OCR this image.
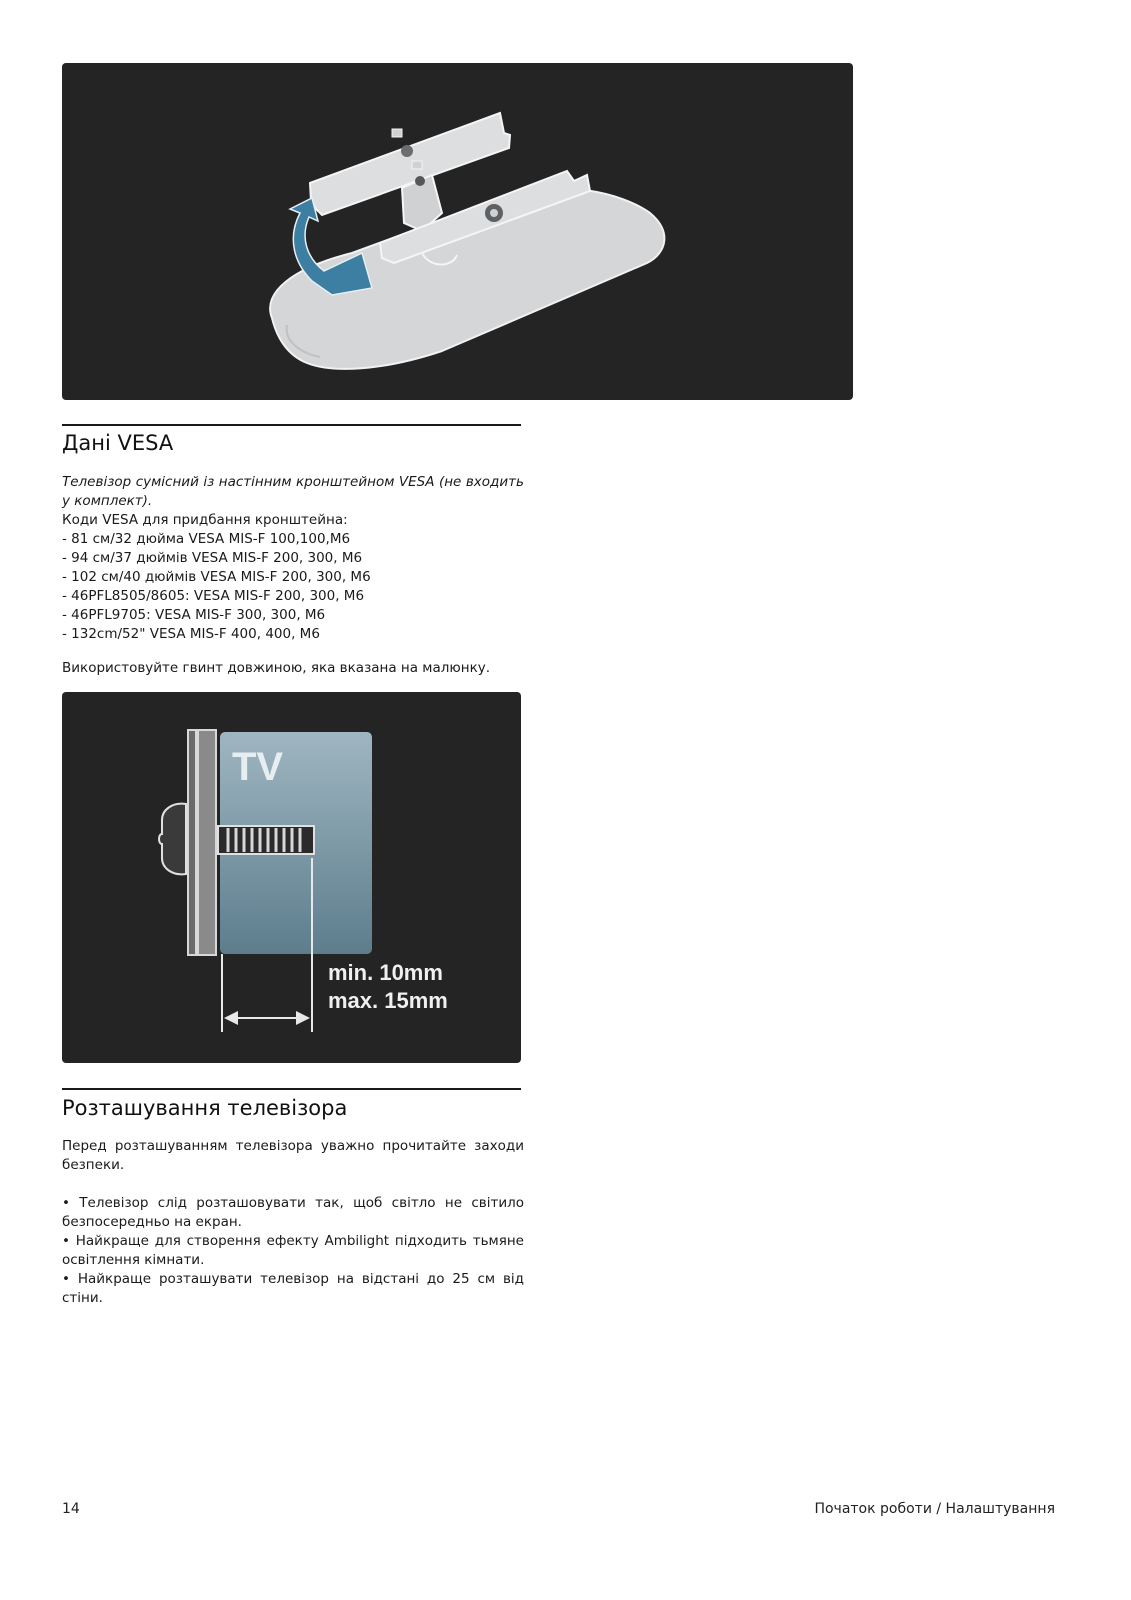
Дані VESA

Телевізор сумісний із настінним кронштейном VESA (не входить у комплект).

Коди VESA для придбання кронштейна:

- 81 см/32 дюйма VESA MIS-F 100,100,M6
- 94 см/37 дюймів VESA MIS-F 200, 300, M6
- 102 см/40 дюймів VESA MIS-F 200, 300, M6
- 46PFL8505/8605: VESA MIS-F 200, 300, M6
- 46PFL9705: VESA MIS-F 300, 300, M6
- 132cm/52" VESA MIS-F 400, 400, M6

Використовуйте гвинт довжиною, яка вказана на малюнку.

TV
min. 10mm
max. 15mm
Розташування телевізора

Перед розташуванням телевізора уважно прочитайте заходи безпеки.

• Телевізор слід розташовувати так, щоб світло не світило безпосередньо на екран.
• Найкраще для створення ефекту Ambilight підходить тьмяне освітлення кімнати.
• Найкраще розташувати телевізор на відстані до 25 см від стіни.
14	Початок роботи / Налаштування
